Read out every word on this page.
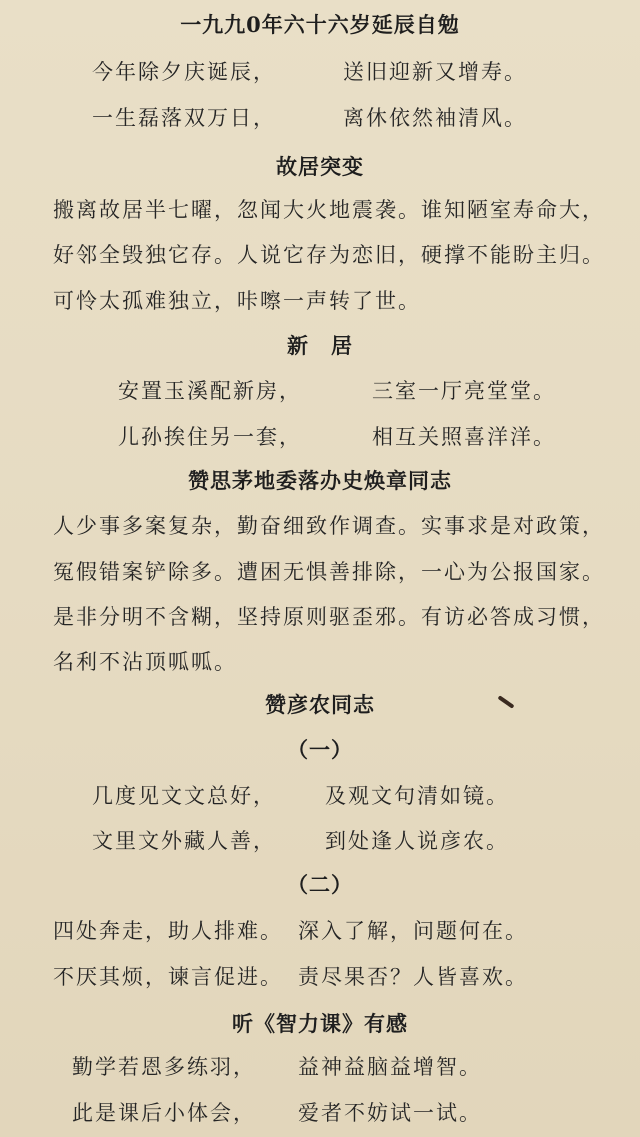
一九九0年六十六岁延辰自勉
今年除夕庆诞辰，	送旧迎新又增寿。
一生磊落双万日，	离休依然袖清风。
故居突变
搬离故居半七曜，忽闻大火地震袭。谁知陋室寿命大，
好邻全毁独它存。人说它存为恋旧，硬撑不能盼主归。
可怜太孤难独立，咔嚓一声转了世。
新　居
安置玉溪配新房，	三室一厅亮堂堂。
儿孙挨住另一套，	相互关照喜洋洋。
赞思茅地委落办史焕章同志
人少事多案复杂，勤奋细致作调查。实事求是对政策，
冤假错案铲除多。遭困无惧善排除，一心为公报国家。
是非分明不含糊，坚持原则驱歪邪。有访必答成习惯，
名利不沾顶呱呱。
赞彦农同志
（一）
几度见文文总好， 及观文句清如镜。
文里文外藏人善， 到处逢人说彦农。
（二）
四处奔走，助人排难。 深入了解，问题何在。
不厌其烦，谏言促进。 责尽果否？人皆喜欢。
听《智力课》有感
勤学若恩多练羽， 益神益脑益增智。
此是课后小体会， 爱者不妨试一试。
